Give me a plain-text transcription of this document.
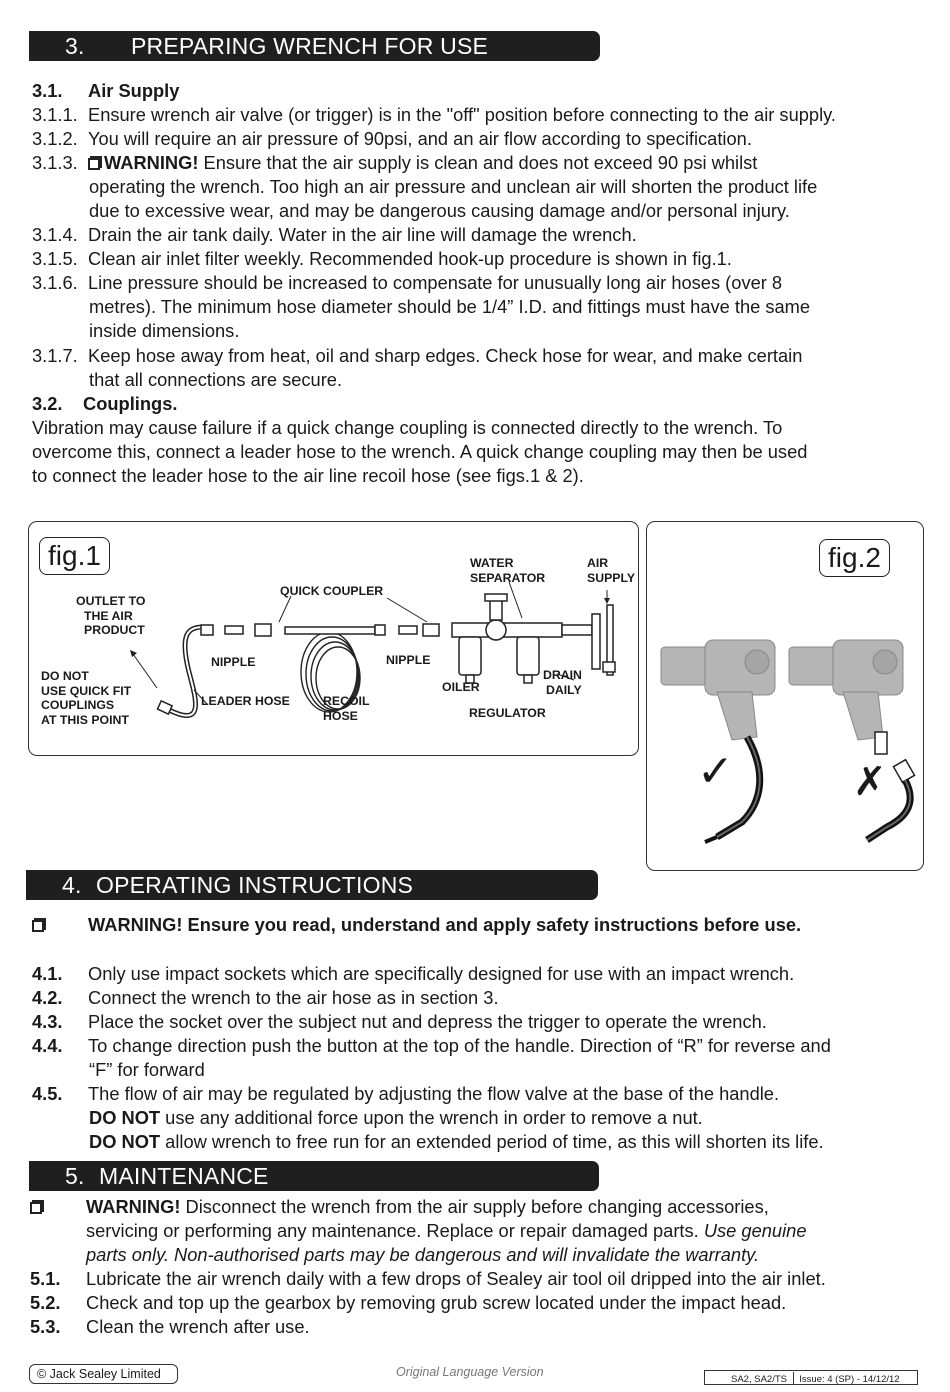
3.	PREPARING WRENCH FOR USE
3.1. Air Supply
3.1.1. Ensure wrench air valve (or trigger) is in the "off" position before connecting to the air supply.
3.1.2. You will require an air pressure of 90psi, and an air flow according to specification.
3.1.3. WARNING! Ensure that the air supply is clean and does not exceed 90 psi whilst
operating the wrench. Too high an air pressure and unclean air will shorten the product life
due to excessive wear, and may be dangerous causing damage and/or personal injury.
3.1.4. Drain the air tank daily. Water in the air line will damage the wrench.
3.1.5. Clean air inlet filter weekly. Recommended hook-up procedure is shown in fig.1.
3.1.6. Line pressure should be increased to compensate for unusually long air hoses (over 8
metres). The minimum hose diameter should be 1/4” I.D. and fittings must have the same
inside dimensions.
3.1.7. Keep hose away from heat, oil and sharp edges. Check hose for wear, and make certain
that all connections are secure.
3.2. Couplings.
Vibration may cause failure if a quick change coupling is connected directly to the wrench. To
overcome this, connect a leader hose to the wrench. A quick change coupling may then be used
to connect the leader hose to the air line recoil hose (see figs.1 & 2).
fig.1
OUTLET TO
THE AIR
PRODUCT
QUICK COUPLER
WATER
SEPARATOR
AIR
SUPPLY
NIPPLE	NIPPLE
DO NOT
USE QUICK FIT
COUPLINGS
AT THIS POINT
LEADER HOSE	RECOIL
HOSE
OILER
DRAIN
DAILY
REGULATOR
fig.2
✓	✗
4. OPERATING INSTRUCTIONS
WARNING! Ensure you read, understand and apply safety instructions before use.
4.1. Only use impact sockets which are specifically designed for use with an impact wrench.
4.2. Connect the wrench to the air hose as in section 3.
4.3. Place the socket over the subject nut and depress the trigger to operate the wrench.
4.4. To change direction push the button at the top of the handle. Direction of “R” for reverse and
“F” for forward
4.5. The flow of air may be regulated by adjusting the flow valve at the base of the handle.
DO NOT use any additional force upon the wrench in order to remove a nut.
DO NOT allow wrench to free run for an extended period of time, as this will shorten its life.
5. MAINTENANCE
WARNING! Disconnect the wrench from the air supply before changing accessories,
servicing or performing any maintenance. Replace or repair damaged parts. Use genuine
parts only. Non-authorised parts may be dangerous and will invalidate the warranty.
5.1. Lubricate the air wrench daily with a few drops of Sealey air tool oil dripped into the air inlet.
5.2. Check and top up the gearbox by removing grub screw located under the impact head.
5.3. Clean the wrench after use.
© Jack Sealey Limited	Original Language Version
SA2, SA2/TS Issue: 4 (SP) - 14/12/12
